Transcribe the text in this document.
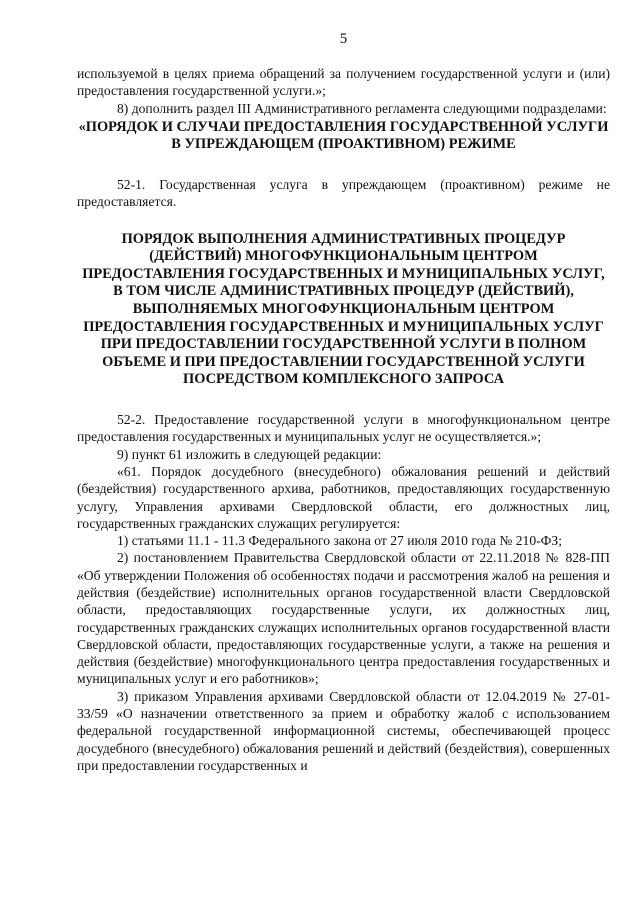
5

используемой в целях приема обращений за получением государственной услуги и (или) предоставления государственной услуги.»;

8) дополнить раздел III Административного регламента следующими подразделами:

«ПОРЯДОК И СЛУЧАИ ПРЕДОСТАВЛЕНИЯ ГОСУДАРСТВЕННОЙ УСЛУГИ В УПРЕЖДАЮЩЕМ (ПРОАКТИВНОМ) РЕЖИМЕ

52-1. Государственная услуга в упреждающем (проактивном) режиме не предоставляется.

ПОРЯДОК ВЫПОЛНЕНИЯ АДМИНИСТРАТИВНЫХ ПРОЦЕДУР (ДЕЙСТВИЙ) МНОГОФУНКЦИОНАЛЬНЫМ ЦЕНТРОМ ПРЕДОСТАВЛЕНИЯ ГОСУДАРСТВЕННЫХ И МУНИЦИПАЛЬНЫХ УСЛУГ, В ТОМ ЧИСЛЕ АДМИНИСТРАТИВНЫХ ПРОЦЕДУР (ДЕЙСТВИЙ), ВЫПОЛНЯЕМЫХ МНОГОФУНКЦИОНАЛЬНЫМ ЦЕНТРОМ ПРЕДОСТАВЛЕНИЯ ГОСУДАРСТВЕННЫХ И МУНИЦИПАЛЬНЫХ УСЛУГ ПРИ ПРЕДОСТАВЛЕНИИ ГОСУДАРСТВЕННОЙ УСЛУГИ В ПОЛНОМ ОБЪЕМЕ И ПРИ ПРЕДОСТАВЛЕНИИ ГОСУДАРСТВЕННОЙ УСЛУГИ ПОСРЕДСТВОМ КОМПЛЕКСНОГО ЗАПРОСА

52-2. Предоставление государственной услуги в многофункциональном центре предоставления государственных и муниципальных услуг не осуществляется.»;

9) пункт 61 изложить в следующей редакции:

«61. Порядок досудебного (внесудебного) обжалования решений и действий (бездействия) государственного архива, работников, предоставляющих государственную услугу, Управления архивами Свердловской области, его должностных лиц, государственных гражданских служащих регулируется:

1) статьями 11.1 - 11.3 Федерального закона от 27 июля 2010 года № 210-ФЗ;

2) постановлением Правительства Свердловской области от 22.11.2018 № 828-ПП «Об утверждении Положения об особенностях подачи и рассмотрения жалоб на решения и действия (бездействие) исполнительных органов государственной власти Свердловской области, предоставляющих государственные услуги, их должностных лиц, государственных гражданских служащих исполнительных органов государственной власти Свердловской области, предоставляющих государственные услуги, а также на решения и действия (бездействие) многофункционального центра предоставления государственных и муниципальных услуг и его работников»;

3) приказом Управления архивами Свердловской области от 12.04.2019 № 27-01-33/59 «О назначении ответственного за прием и обработку жалоб с использованием федеральной государственной информационной системы, обеспечивающей процесс досудебного (внесудебного) обжалования решений и действий (бездействия), совершенных при предоставлении государственных и
